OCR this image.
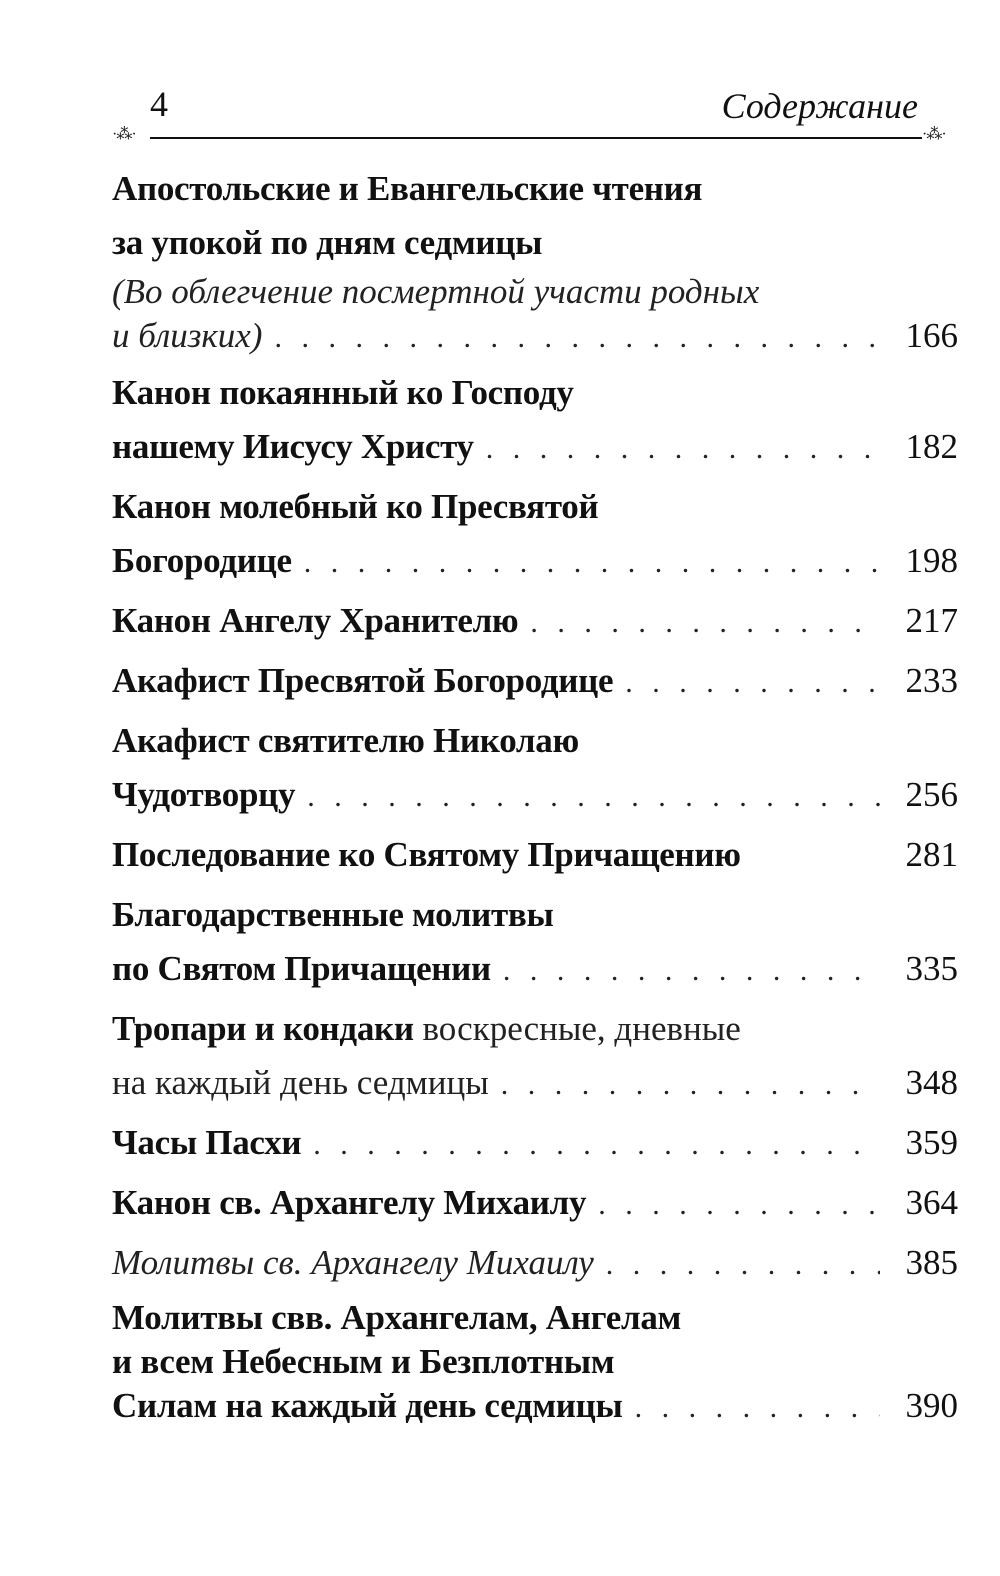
4	Содержание
·⁂·	·⁂·
Апостольские и Евангельские чтения
за упокой по дням седмицы
(Во облегчение посмертной участи родных
и близких) . . .	166
Канон покаянный ко Господу
нашему Иисусу Христу . . .	182
Канон молебный ко Пресвятой
Богородице . . .	198
Канон Ангелу Хранителю . . .	217
Акафист Пресвятой Богородице . . .	233
Акафист святителю Николаю
Чудотворцу . . .	256
Последование ко Святому Причащению	281
Благодарственные молитвы
по Святом Причащении . . .	335
Тропари и кондаки
воскресные, дневные
на каждый день седмицы . . .	348
Часы Пасхи . . .	359
Канон св. Архангелу Михаилу . . .	364
Молитвы св. Архангелу Михаилу . . .	385
Молитвы свв. Архангелам, Ангелам
и всем Небесным и Безплотным
Силам на каждый день седмицы . . .	390
